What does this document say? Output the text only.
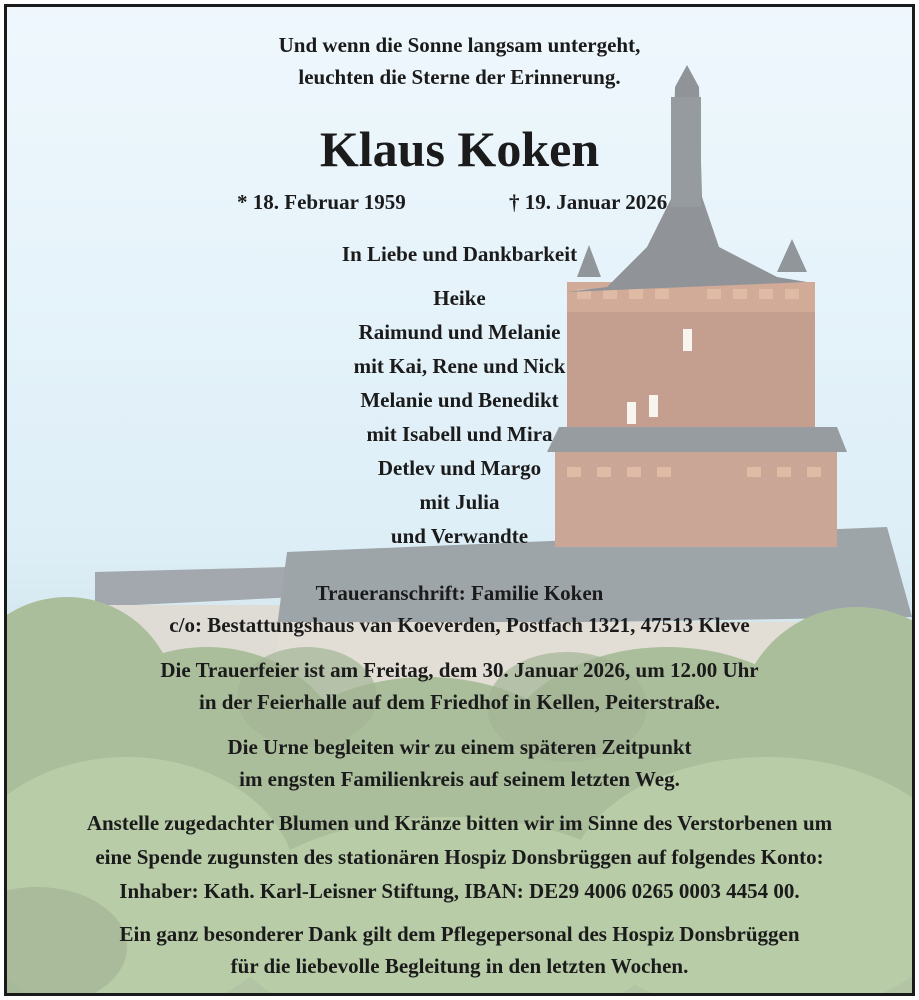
Und wenn die Sonne langsam untergeht,
leuchten die Sterne der Erinnerung.
Klaus Koken
* 18. Februar 1959	† 19. Januar 2026
In Liebe und Dankbarkeit
Heike
Raimund und Melanie
mit Kai, Rene und Nick
Melanie und Benedikt
mit Isabell und Mira
Detlev und Margo
mit Julia
und Verwandte
Traueranschrift: Familie Koken
c/o: Bestattungshaus van Koeverden, Postfach 1321, 47513 Kleve
Die Trauerfeier ist am Freitag, dem 30. Januar 2026, um 12.00 Uhr
in der Feierhalle auf dem Friedhof in Kellen, Peiterstraße.
Die Urne begleiten wir zu einem späteren Zeitpunkt
im engsten Familienkreis auf seinem letzten Weg.
Anstelle zugedachter Blumen und Kränze bitten wir im Sinne des Verstorbenen um
eine Spende zugunsten des stationären Hospiz Donsbrüggen auf folgendes Konto:
Inhaber: Kath. Karl-Leisner Stiftung, IBAN: DE29 4006 0265 0003 4454 00.
Ein ganz besonderer Dank gilt dem Pflegepersonal des Hospiz Donsbrüggen
für die liebevolle Begleitung in den letzten Wochen.
